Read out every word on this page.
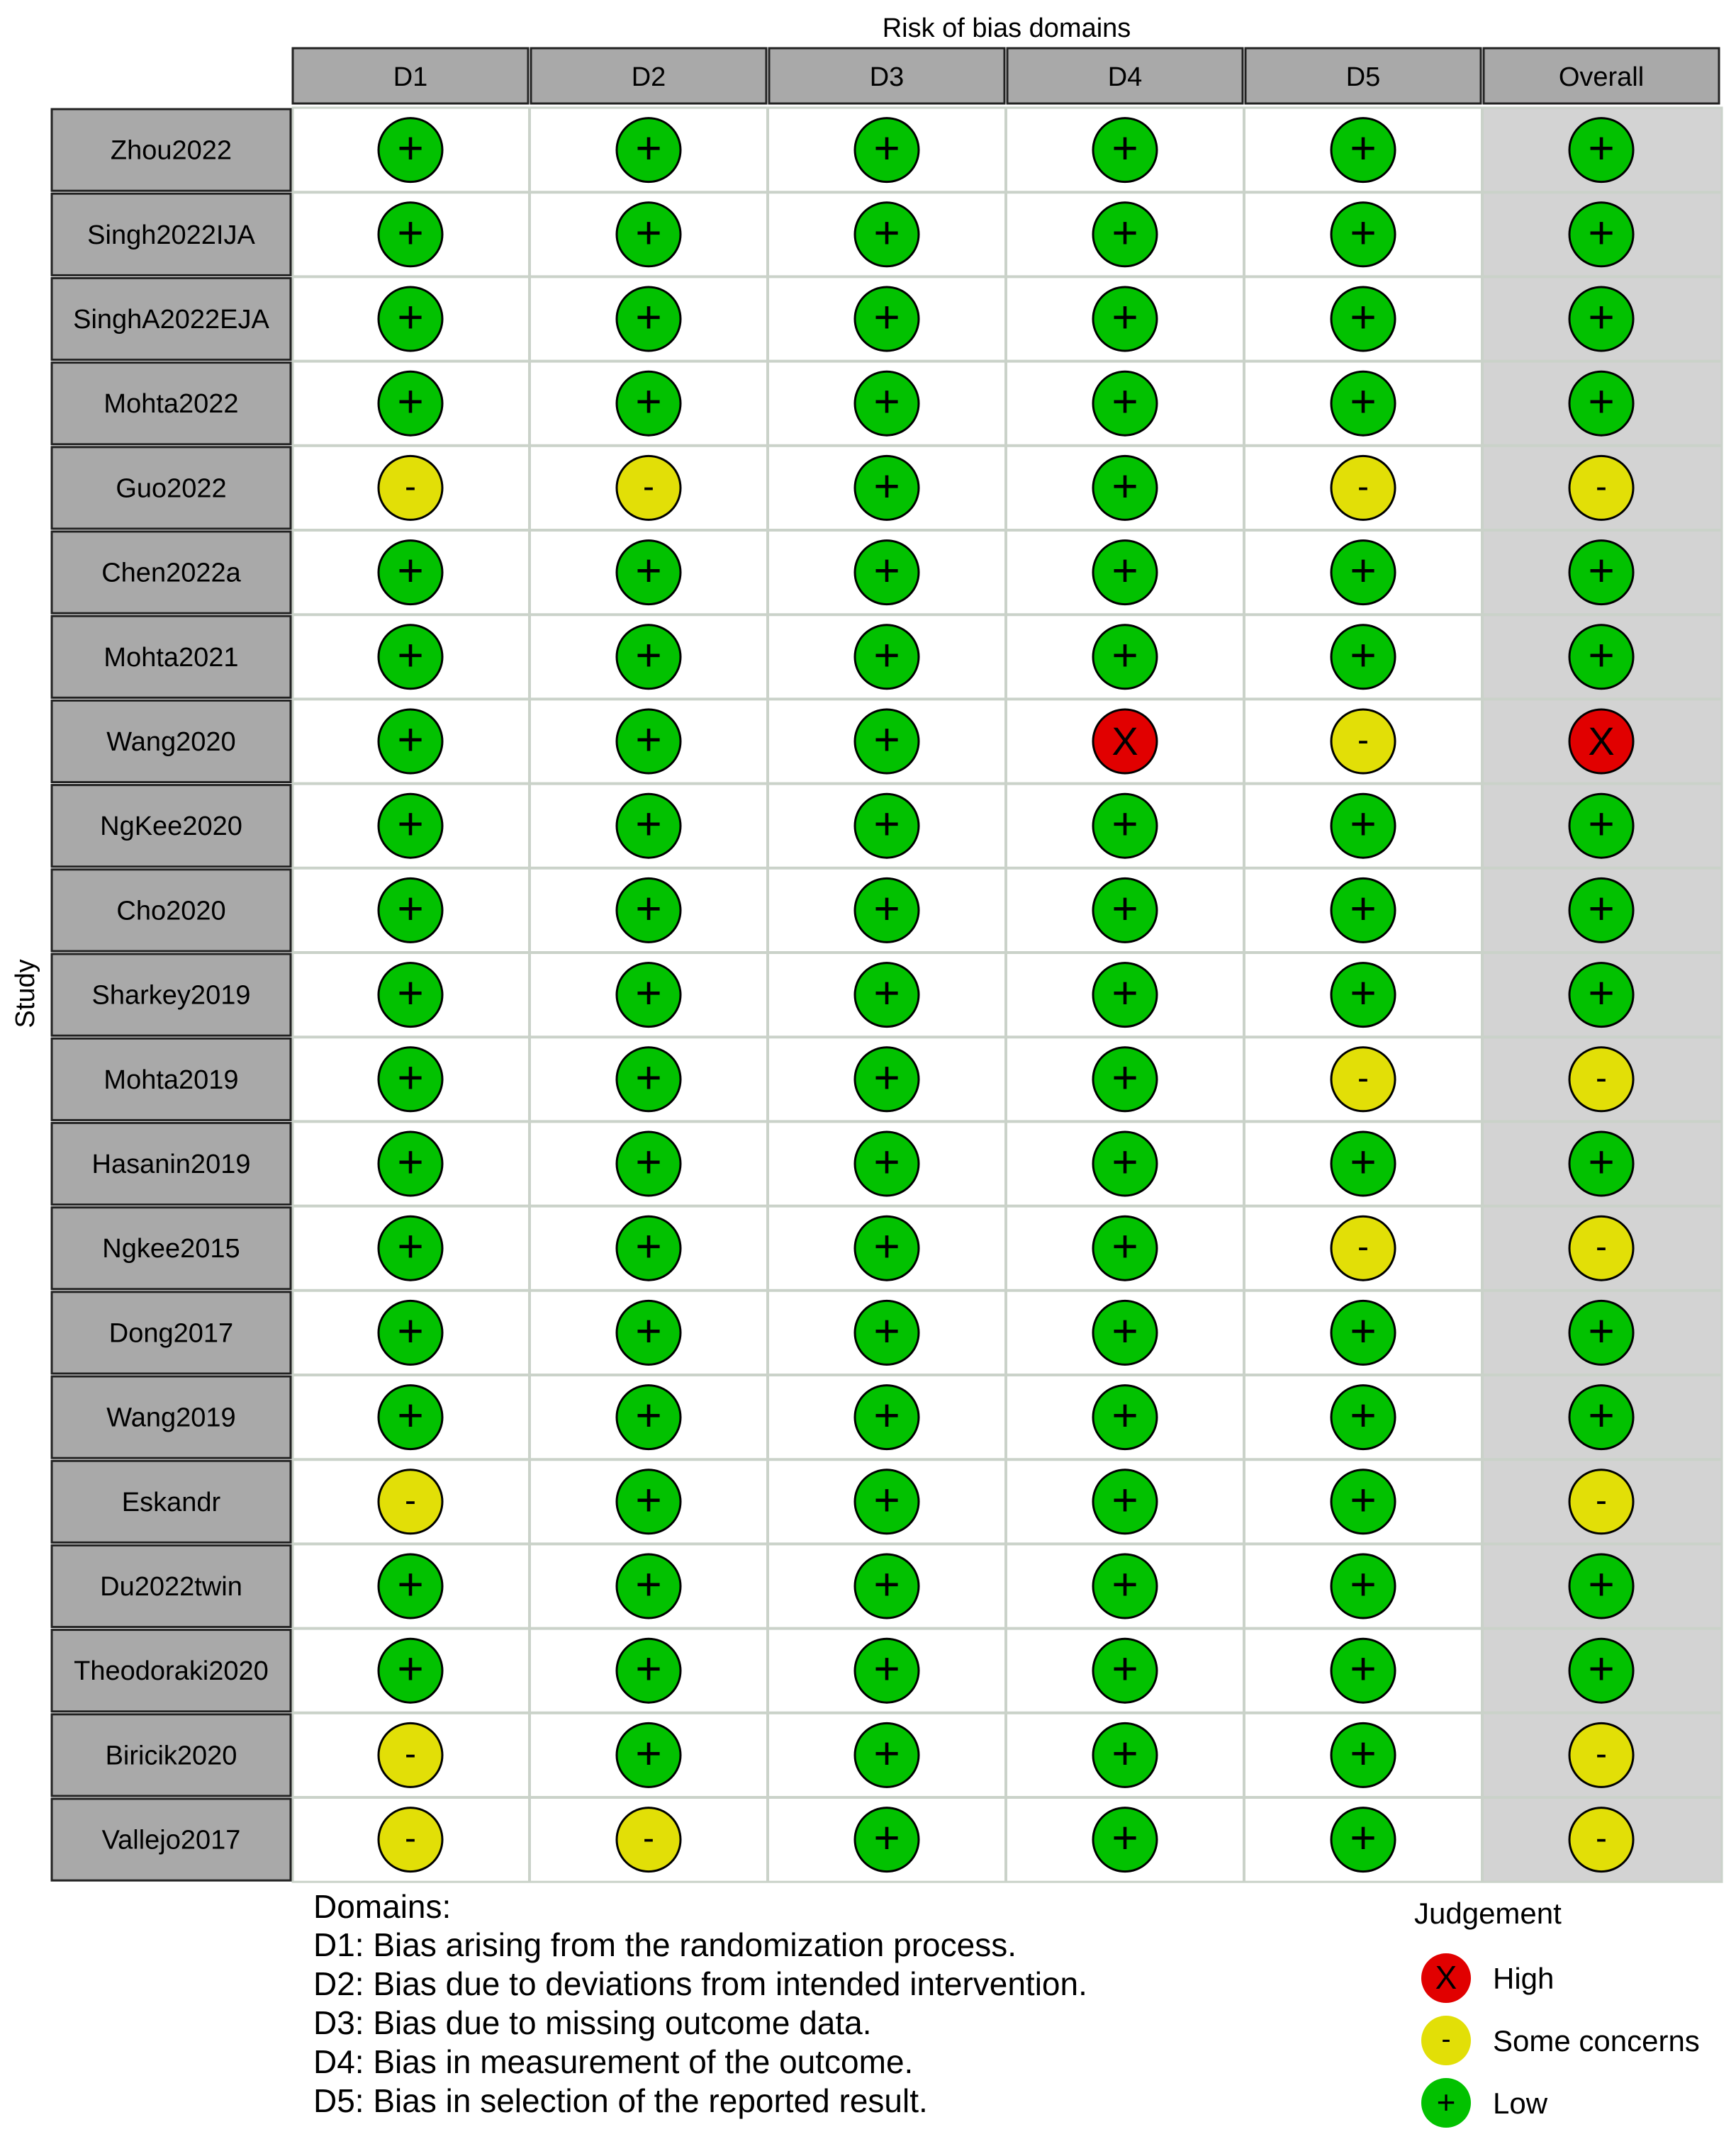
Risk of bias domains
Study
D1	D2	D3	D4	D5	Overall
Zhou2022	+	+	+	+	+	+
Singh2022IJA	+	+	+	+	+	+
SinghA2022EJA	+	+	+	+	+	+
Mohta2022	+	+	+	+	+	+
Guo2022	-	-	+	+	-	-
Chen2022a	+	+	+	+	+	+
Mohta2021	+	+	+	+	+	+
Wang2020	+	+	+	X	-	X
NgKee2020	+	+	+	+	+	+
Cho2020	+	+	+	+	+	+
Sharkey2019	+	+	+	+	+	+
Mohta2019	+	+	+	+	-	-
Hasanin2019	+	+	+	+	+	+
Ngkee2015	+	+	+	+	-	-
Dong2017	+	+	+	+	+	+
Wang2019	+	+	+	+	+	+
Eskandr	-	+	+	+	+	-
Du2022twin	+	+	+	+	+	+
Theodoraki2020	+	+	+	+	+	+
Biricik2020	-	+	+	+	+	-
Vallejo2017	-	-	+	+	+	-
Domains:
D1: Bias arising from the randomization process.
D2: Bias due to deviations from intended intervention.
D3: Bias due to missing outcome data.
D4: Bias in measurement of the outcome.
D5: Bias in selection of the reported result.
Judgement
X High
- Some concerns
+ Low
